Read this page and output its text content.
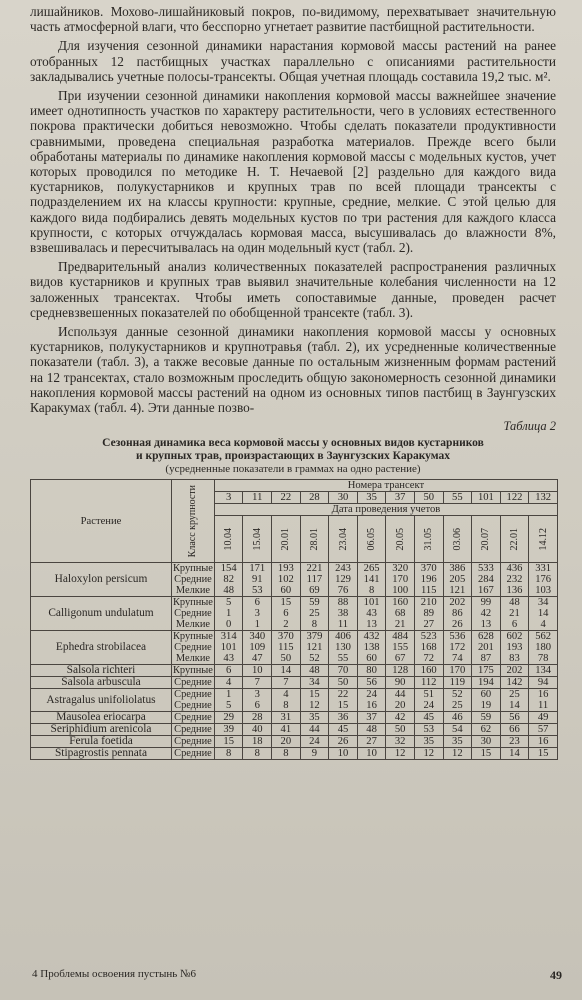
лишайников. Мохово-лишайниковый покров, по-видимому, перехватывает значительную часть атмосферной влаги, что бесспорно угнетает развитие пастбищной растительности.

Для изучения сезонной динамики нарастания кормовой массы растений на ранее отобранных 12 пастбищных участках параллельно с описаниями растительности закладывались учетные полосы-трансекты. Общая учетная площадь составила 19,2 тыс. м².

При изучении сезонной динамики накопления кормовой массы важнейшее значение имеет однотипность участков по характеру растительности, чего в условиях естественного покрова практически добиться невозможно. Чтобы сделать показатели продуктивности сравнимыми, проведена специальная разработка материалов. Прежде всего были обработаны материалы по динамике накопления кормовой массы с модельных кустов, учет которых проводился по методике Н. Т. Нечаевой [2] раздельно для каждого вида кустарников, полукустарников и крупных трав по всей площади трансекты с подразделением их на классы крупности: крупные, средние, мелкие. С этой целью для каждого вида подбирались девять модельных кустов по три растения для каждого класса крупности, с которых отчуждалась кормовая масса, высушивалась до влажности 8%, взвешивалась и пересчитывалась на один модельный куст (табл. 2).

Предварительный анализ количественных показателей распространения различных видов кустарников и крупных трав выявил значительные колебания численности на 12 заложенных трансектах. Чтобы иметь сопоставимые данные, проведен расчет средневзвешенных показателей по обобщенной трансекте (табл. 3).

Используя данные сезонной динамики накопления кормовой массы у основных кустарников, полукустарников и крупнотравья (табл. 2), их усредненные количественные показатели (табл. 3), а также весовые данные по остальным жизненным формам растений на 12 трансектах, стало возможным проследить общую закономерность сезонной динамики накопления кормовой массы растений на одном из основных типов пастбищ в Заунгузских Каракумах (табл. 4). Эти данные позво-

Таблица 2

Сезонная динамика веса кормовой массы у основных видов кустарников

и крупных трав, произрастающих в Заунгузских Каракумах

(усредненные показатели в граммах на одно растение)

Растение	Класс крупности	Номера трансект											
		3	11	22	28	30	35	37	50	55	101	122	132
		Дата проведения учетов											

		10.04	15.04	20.01	28.01	23.04	06.05	20.05	31.05	03.06	20.07	22.01	14.12

Haloxylon persicum	Крупные	154	171	193	221	243	265	320	370	386	533	436	331
	Средние	82	91	102	117	129	141	170	196	205	284	232	176
	Мелкие	48	53	60	69	76	8	100	115	121	167	136	103

Calligonum undulatum	Крупные	5	6	15	59	88	101	160	210	202	99	48	34
	Средние	1	3	6	25	38	43	68	89	86	42	21	14
	Мелкие	0	1	2	8	11	13	21	27	26	13	6	4

Ephedra strobilacea	Крупные	314	340	370	379	406	432	484	523	536	628	602	562
	Средние	101	109	115	121	130	138	155	168	172	201	193	180
	Мелкие	43	47	50	52	55	60	67	72	74	87	83	78

Salsola richteri	Крупные	6	10	14	48	70	80	128	160	170	175	202	134

Salsola arbuscula	Средние	4	7	7	34	50	56	90	112	119	194	142	94

Astragalus unifoliolatus	Средние	1	3	4	15	22	24	44	51	52	60	25	16
	Средние	5	6	8	12	15	16	20	24	25	19	14	11

Mausolea eriocarpa	Средние	29	28	31	35	36	37	42	45	46	59	56	49

Seriphidium arenicola	Средние	39	40	41	44	45	48	50	53	54	62	66	57

Ferula foetida	Средние	15	18	20	24	26	27	32	35	35	30	23	16

Stipagrostis pennata	Средние	8	8	8	9	10	10	12	12	12	15	14	15
4 Проблемы освоения пустынь №6	49
